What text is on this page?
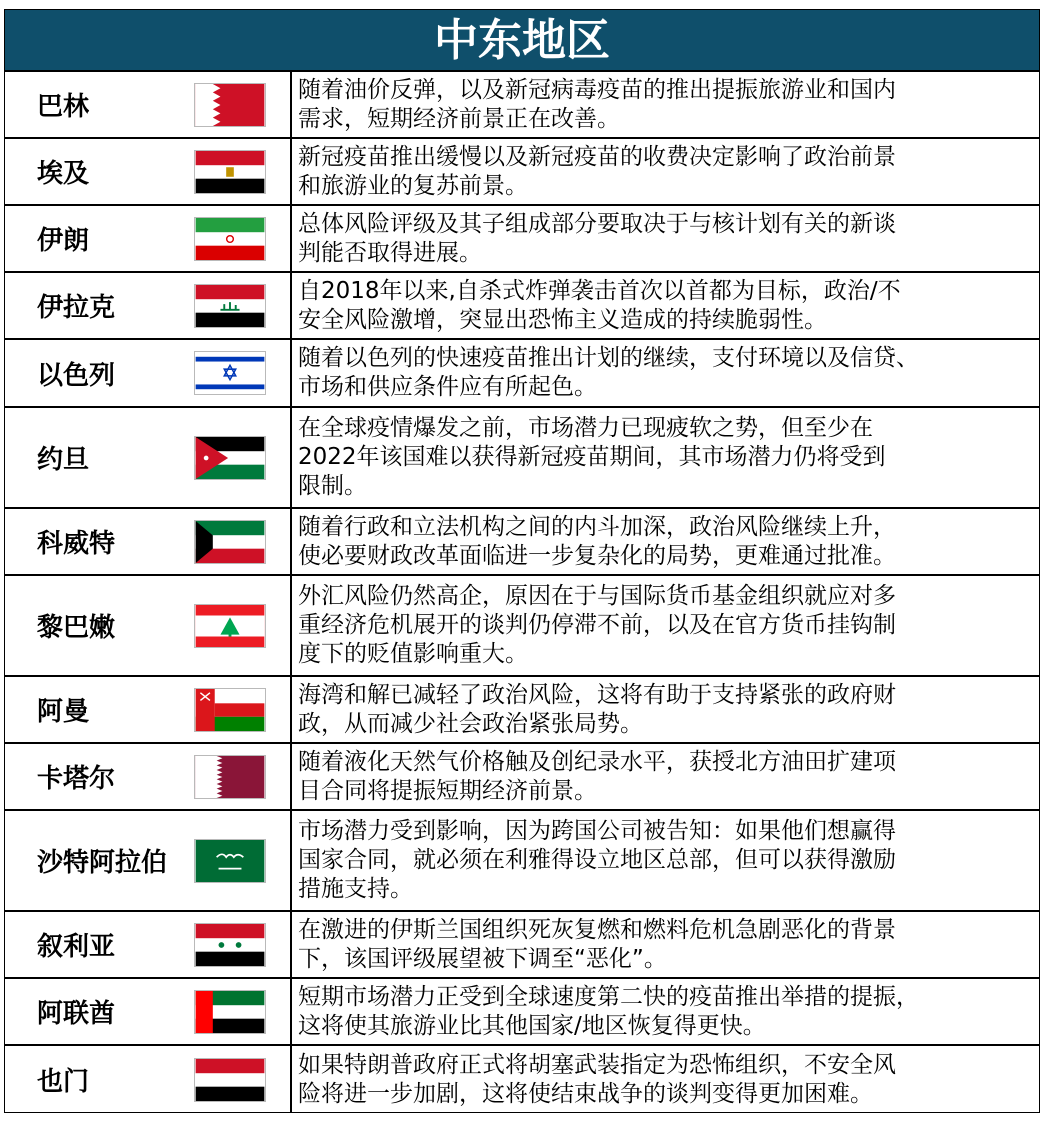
中东地区
巴林
随着油价反弹，以及新冠病毒疫苗的推出提振旅游业和国内
需求，短期经济前景正在改善。
埃及
新冠疫苗推出缓慢以及新冠疫苗的收费决定影响了政治前景
和旅游业的复苏前景。
伊朗
总体风险评级及其子组成部分要取决于与核计划有关的新谈
判能否取得进展。
伊拉克
自2018年以来,自杀式炸弹袭击首次以首都为目标，政治/不
安全风险激增，突显出恐怖主义造成的持续脆弱性。
以色列
随着以色列的快速疫苗推出计划的继续，支付环境以及信贷、
市场和供应条件应有所起色。
约旦
在全球疫情爆发之前，市场潜力已现疲软之势，但至少在
2022年该国难以获得新冠疫苗期间，其市场潜力仍将受到
限制。
科威特
随着行政和立法机构之间的内斗加深，政治风险继续上升，
使必要财政改革面临进一步复杂化的局势，更难通过批准。
黎巴嫩
外汇风险仍然高企，原因在于与国际货币基金组织就应对多
重经济危机展开的谈判仍停滞不前，以及在官方货币挂钩制
度下的贬值影响重大。
阿曼
海湾和解已减轻了政治风险，这将有助于支持紧张的政府财
政，从而减少社会政治紧张局势。
卡塔尔
随着液化天然气价格触及创纪录水平，获授北方油田扩建项
目合同将提振短期经济前景。
沙特阿拉伯
市场潜力受到影响，因为跨国公司被告知：如果他们想赢得
国家合同，就必须在利雅得设立地区总部，但可以获得激励
措施支持。
叙利亚
在激进的伊斯兰国组织死灰复燃和燃料危机急剧恶化的背景
下，该国评级展望被下调至“恶化”。
阿联酋
短期市场潜力正受到全球速度第二快的疫苗推出举措的提振，
这将使其旅游业比其他国家/地区恢复得更快。
也门
如果特朗普政府正式将胡塞武装指定为恐怖组织，不安全风
险将进一步加剧，这将使结束战争的谈判变得更加困难。
